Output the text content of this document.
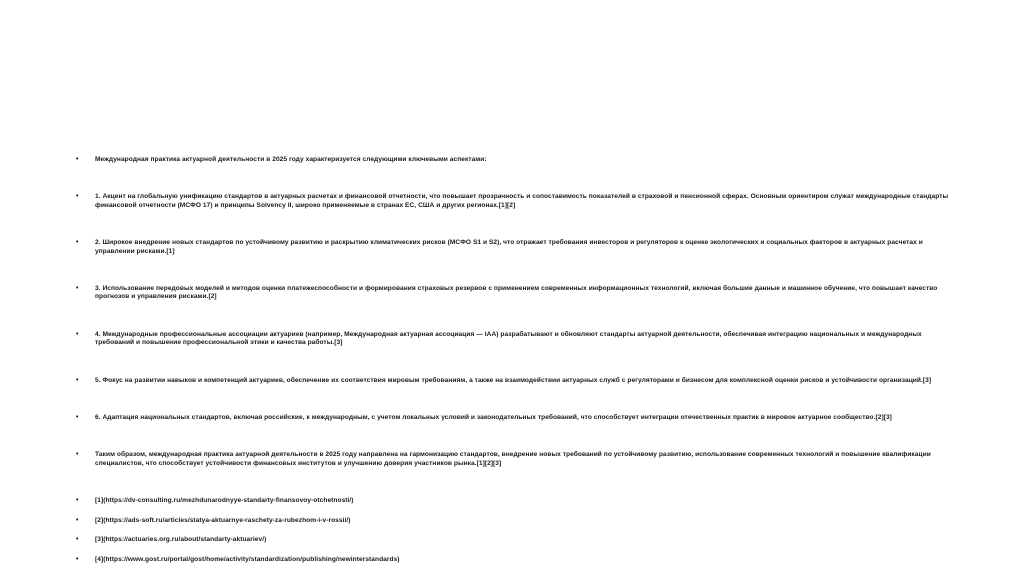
• Международная практика актуарной деятельности в 2025 году характеризуется следующими ключевыми аспектами:
• 1. Акцент на глобальную унификацию стандартов в актуарных расчетах и финансовой отчетности, что повышает прозрачность и сопоставимость показателей в страховой и пенсионной сферах. Основным ориентиром служат международные стандарты финансовой отчетности (МСФО 17) и принципы Solvency II, широко применяемые в странах ЕС, США и других регионах.[1][2]
• 2. Широкое внедрение новых стандартов по устойчивому развитию и раскрытию климатических рисков (МСФО S1 и S2), что отражает требования инвесторов и регуляторов к оценке экологических и социальных факторов в актуарных расчетах и управлении рисками.[1]
• 3. Использование передовых моделей и методов оценки платежеспособности и формирования страховых резервов с применением современных информационных технологий, включая большие данные и машинное обучение, что повышает качество прогнозов и управления рисками.[2]
• 4. Международные профессиональные ассоциации актуариев (например, Международная актуарная ассоциация — IAA) разрабатывают и обновляют стандарты актуарной деятельности, обеспечивая интеграцию национальных и международных требований и повышение профессиональной этики и качества работы.[3]
• 5. Фокус на развитии навыков и компетенций актуариев, обеспечение их соответствия мировым требованиям, а также на взаимодействии актуарных служб с регуляторами и бизнесом для комплексной оценки рисков и устойчивости организаций.[3]
• 6. Адаптация национальных стандартов, включая российские, к международным, с учетом локальных условий и законодательных требований, что способствует интеграции отечественных практик в мировое актуарное сообщество.[2][3]
• Таким образом, международная практика актуарной деятельности в 2025 году направлена на гармонизацию стандартов, внедрение новых требований по устойчивому развитию, использование современных технологий и повышение квалификации специалистов, что способствует устойчивости финансовых институтов и улучшению доверия участников рынка.[1][2][3]
• [1](https://dv-consulting.ru/mezhdunarodnyye-standarty-finansovoy-otchetnosti/)
• [2](https://ads-soft.ru/articles/statya-aktuarnye-raschety-za-rubezhom-i-v-rossii/)
• [3](https://actuaries.org.ru/about/standarty-aktuariev/)
• [4](https://www.gost.ru/portal/gost/home/activity/standardization/publishing/newinterstandards)
